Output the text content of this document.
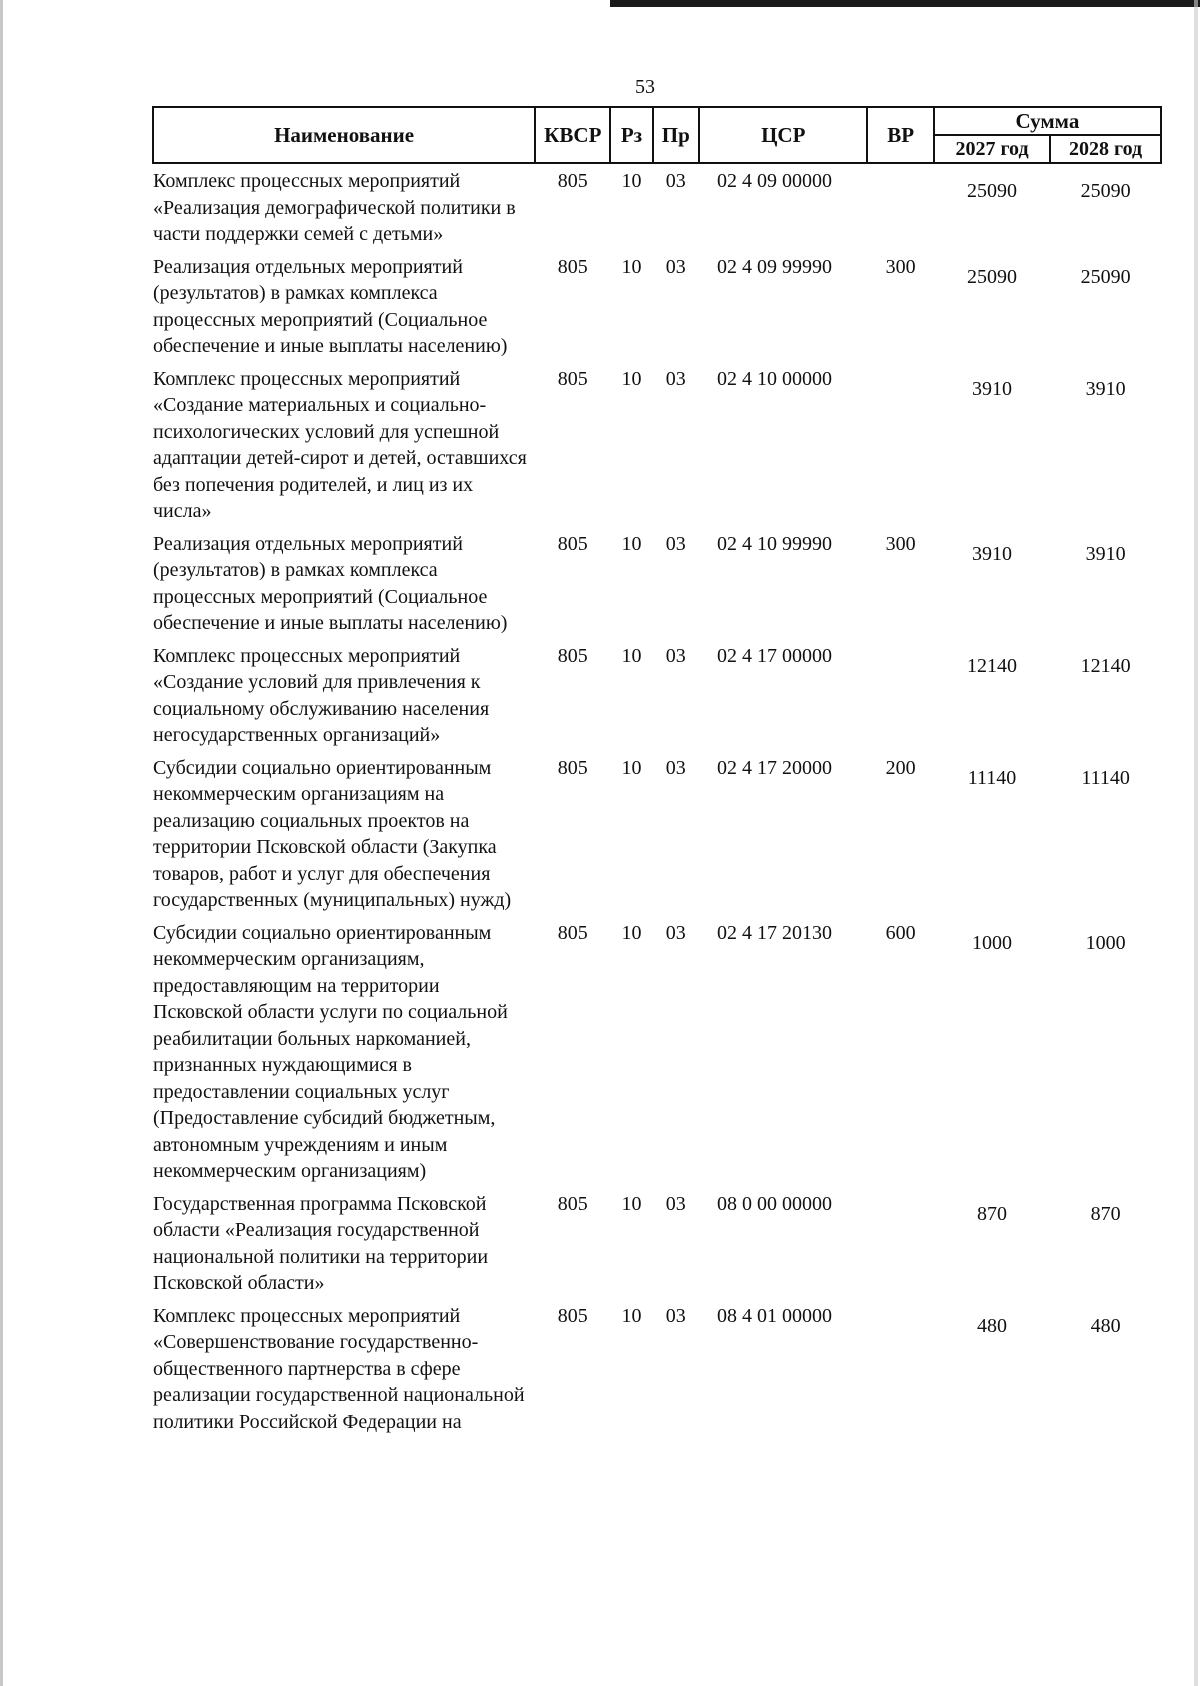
53
Наименование	КВСР	Рз	Пр	ЦСР	ВР	Сумма	
						2027 год	2028 год
Комплекс процессных мероприятий «Реализация демографической политики в части поддержки семей с детьми»	805	10	03	02 4 09 00000		25090	25090
Реализация отдельных мероприятий (результатов) в рамках комплекса процессных мероприятий (Социальное обеспечение и иные выплаты населению)	805	10	03	02 4 09 99990	300	25090	25090
Комплекс процессных мероприятий «Создание материальных и социально-психологических условий для успешной адаптации детей-сирот и детей, оставшихся без попечения родителей, и лиц из их числа»	805	10	03	02 4 10 00000		3910	3910
Реализация отдельных мероприятий (результатов) в рамках комплекса процессных мероприятий (Социальное обеспечение и иные выплаты населению)	805	10	03	02 4 10 99990	300	3910	3910
Комплекс процессных мероприятий «Создание условий для привлечения к социальному обслуживанию населения негосударственных организаций»	805	10	03	02 4 17 00000		12140	12140
Субсидии социально ориентированным некоммерческим организациям на реализацию социальных проектов на территории Псковской области (Закупка товаров, работ и услуг для обеспечения государственных (муниципальных) нужд)	805	10	03	02 4 17 20000	200	11140	11140
Субсидии социально ориентированным некоммерческим организациям, предоставляющим на территории Псковской области услуги по социальной реабилитации больных наркоманией, признанных нуждающимися в предоставлении социальных услуг (Предоставление субсидий бюджетным, автономным учреждениям и иным некоммерческим организациям)	805	10	03	02 4 17 20130	600	1000	1000
Государственная программа Псковской области «Реализация государственной национальной политики на территории Псковской области»	805	10	03	08 0 00 00000		870	870
Комплекс процессных мероприятий «Совершенствование государственно-общественного партнерства в сфере реализации государственной национальной политики Российской Федерации на	805	10	03	08 4 01 00000		480	480
